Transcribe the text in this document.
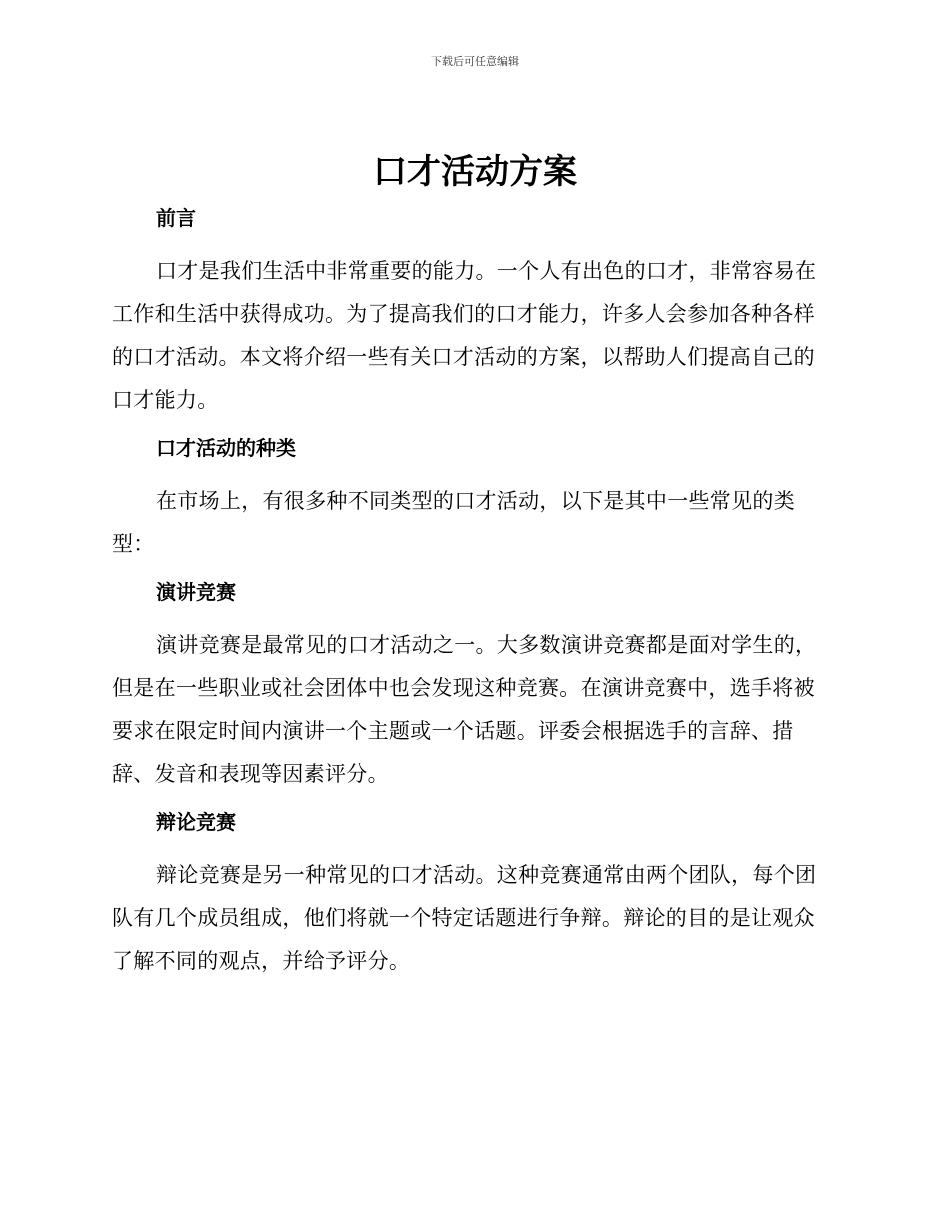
下载后可任意编辑
口才活动方案
前言

口才是我们生活中非常重要的能力。一个人有出色的口才，非常容易在工作和生活中获得成功。为了提高我们的口才能力，许多人会参加各种各样的口才活动。本文将介绍一些有关口才活动的方案，以帮助人们提高自己的口才能力。

口才活动的种类

在市场上，有很多种不同类型的口才活动，以下是其中一些常见的类型：

演讲竞赛

演讲竞赛是最常见的口才活动之一。大多数演讲竞赛都是面对学生的，但是在一些职业或社会团体中也会发现这种竞赛。在演讲竞赛中，选手将被要求在限定时间内演讲一个主题或一个话题。评委会根据选手的言辞、措辞、发音和表现等因素评分。

辩论竞赛

辩论竞赛是另一种常见的口才活动。这种竞赛通常由两个团队，每个团队有几个成员组成，他们将就一个特定话题进行争辩。辩论的目的是让观众了解不同的观点，并给予评分。
